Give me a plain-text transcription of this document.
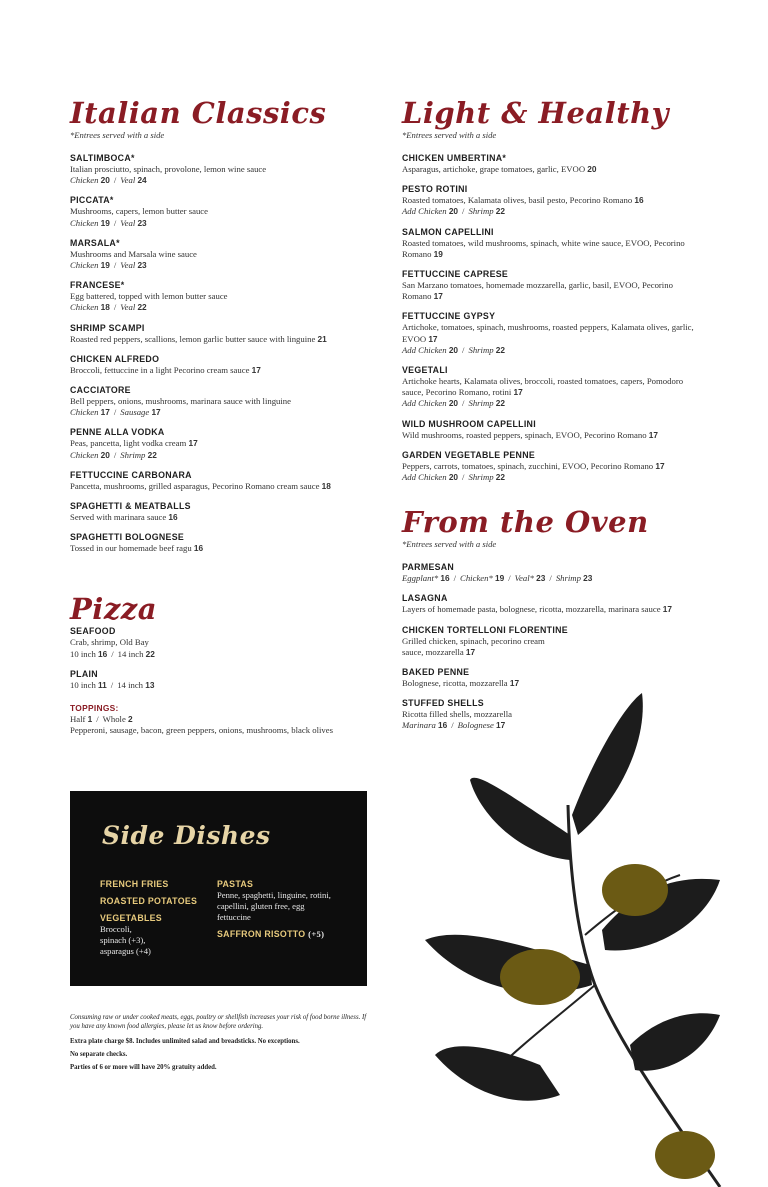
Italian Classics

*Entrees served with a side

SALTIMBOCA*
Italian prosciutto, spinach, provolone, lemon wine sauce
Chicken 20 / Veal 24
PICCATA*
Mushrooms, capers, lemon butter sauce
Chicken 19 / Veal 23
MARSALA*
Mushrooms and Marsala wine sauce
Chicken 19 / Veal 23
FRANCESE*
Egg battered, topped with lemon butter sauce
Chicken 18 / Veal 22
SHRIMP SCAMPI
Roasted red peppers, scallions, lemon garlic butter sauce with linguine 21
CHICKEN ALFREDO
Broccoli, fettuccine in a light Pecorino cream sauce 17
CACCIATORE
Bell peppers, onions, mushrooms, marinara sauce with linguine
Chicken 17 / Sausage 17
PENNE ALLA VODKA
Peas, pancetta, light vodka cream 17
Chicken 20 / Shrimp 22
FETTUCCINE CARBONARA
Pancetta, mushrooms, grilled asparagus, Pecorino Romano cream sauce 18
SPAGHETTI & MEATBALLS
Served with marinara sauce 16
SPAGHETTI BOLOGNESE
Tossed in our homemade beef ragu 16
Pizza
SEAFOOD
Crab, shrimp, Old Bay
10 inch 16 / 14 inch 22
PLAIN
10 inch 11 / 14 inch 13
TOPPINGS:
Half 1 / Whole 2
Pepperoni, sausage, bacon, green peppers, onions, mushrooms, black olives
Side Dishes
FRENCH FRIES
ROASTED POTATOES
VEGETABLES
Broccoli,
spinach (+3),
asparagus (+4)
PASTAS
Penne, spaghetti, linguine, rotini, capellini, gluten free, egg fettuccine
SAFFRON RISOTTO (+5)

Consuming raw or under cooked meats, eggs, poultry or shellfish increases your risk of food borne illness. If you have any known food allergies, please let us know before ordering.

Extra plate charge $8. Includes unlimited salad and breadsticks. No exceptions.

No separate checks.

Parties of 6 or more will have 20% gratuity added.

Light & Healthy

*Entrees served with a side

CHICKEN UMBERTINA*
Asparagus, artichoke, grape tomatoes, garlic, EVOO 20
PESTO ROTINI
Roasted tomatoes, Kalamata olives, basil pesto, Pecorino Romano 16
Add Chicken 20 / Shrimp 22
SALMON CAPELLINI
Roasted tomatoes, wild mushrooms, spinach, white wine sauce, EVOO, Pecorino Romano 19
FETTUCCINE CAPRESE
San Marzano tomatoes, homemade mozzarella, garlic, basil, EVOO, Pecorino Romano 17
FETTUCCINE GYPSY
Artichoke, tomatoes, spinach, mushrooms, roasted peppers, Kalamata olives, garlic, EVOO 17
Add Chicken 20 / Shrimp 22
VEGETALI
Artichoke hearts, Kalamata olives, broccoli, roasted tomatoes, capers, Pomodoro sauce, Pecorino Romano, rotini 17
Add Chicken 20 / Shrimp 22
WILD MUSHROOM CAPELLINI
Wild mushrooms, roasted peppers, spinach, EVOO, Pecorino Romano 17
GARDEN VEGETABLE PENNE
Peppers, carrots, tomatoes, spinach, zucchini, EVOO, Pecorino Romano 17
Add Chicken 20 / Shrimp 22
From the Oven

*Entrees served with a side

PARMESAN
Eggplant* 16 / Chicken* 19 / Veal* 23 / Shrimp 23
LASAGNA
Layers of homemade pasta, bolognese, ricotta, mozzarella, marinara sauce 17
CHICKEN TORTELLONI FLORENTINE
Grilled chicken, spinach, pecorino cream sauce, mozzarella 17
BAKED PENNE
Bolognese, ricotta, mozzarella 17
STUFFED SHELLS
Ricotta filled shells, mozzarella
Marinara 16 / Bolognese 17
